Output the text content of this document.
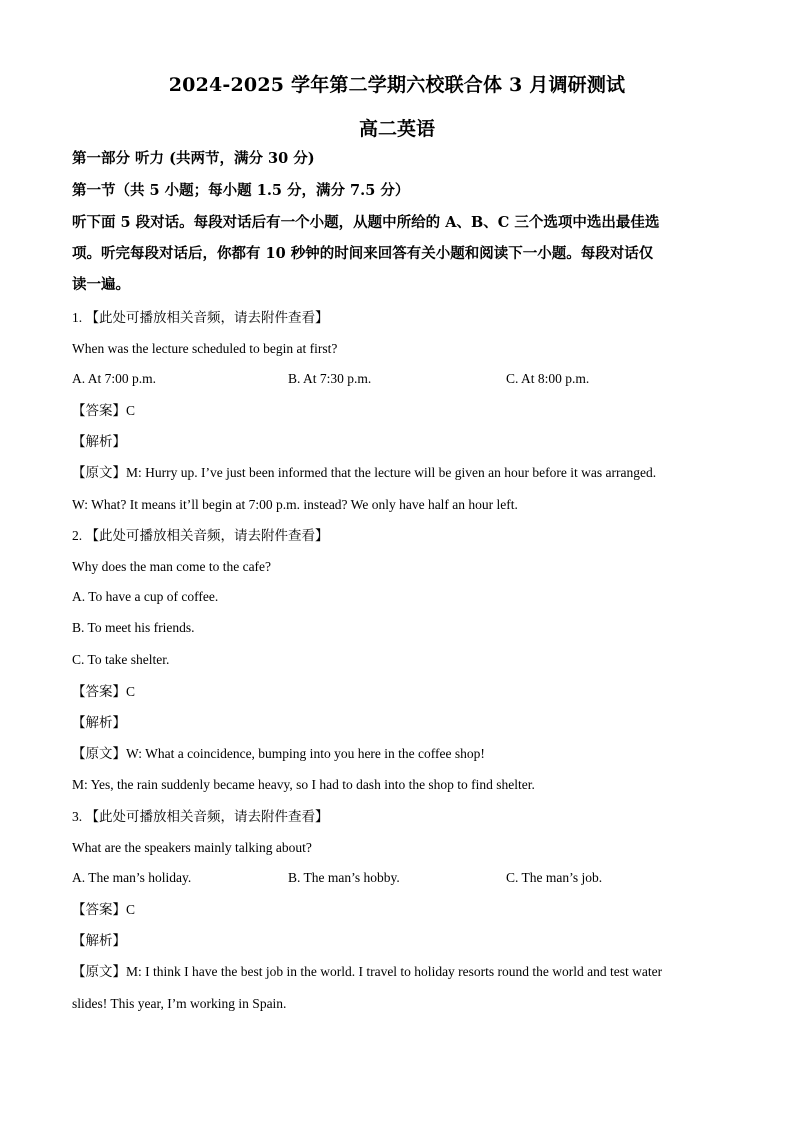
2024-2025 学年第二学期六校联合体 3 月调研测试
高二英语
第一部分 听力 (共两节，满分 30 分)
第一节（共 5 小题；每小题 1.5 分，满分 7.5 分）
听下面 5 段对话。每段对话后有一个小题，从题中所给的 A、B、C 三个选项中选出最佳选
项。听完每段对话后，你都有 10 秒钟的时间来回答有关小题和阅读下一小题。每段对话仅
读一遍。
1. 【此处可播放相关音频，请去附件查看】
When was the lecture scheduled to begin at first?
A. At 7:00 p.m.	B. At 7:30 p.m.	C. At 8:00 p.m.
【答案】C
【解析】
【原文】M: Hurry up. I’ve just been informed that the lecture will be given an hour before it was arranged.
W: What? It means it’ll begin at 7:00 p.m. instead? We only have half an hour left.
2. 【此处可播放相关音频，请去附件查看】
Why does the man come to the cafe?
A. To have a cup of coffee.
B. To meet his friends.
C. To take shelter.
【答案】C
【解析】
【原文】W: What a coincidence, bumping into you here in the coffee shop!
M: Yes, the rain suddenly became heavy, so I had to dash into the shop to find shelter.
3. 【此处可播放相关音频，请去附件查看】
What are the speakers mainly talking about?
A. The man’s holiday.	B. The man’s hobby.	C. The man’s job.
【答案】C
【解析】
【原文】M: I think I have the best job in the world. I travel to holiday resorts round the world and test water
slides! This year, I’m working in Spain.
